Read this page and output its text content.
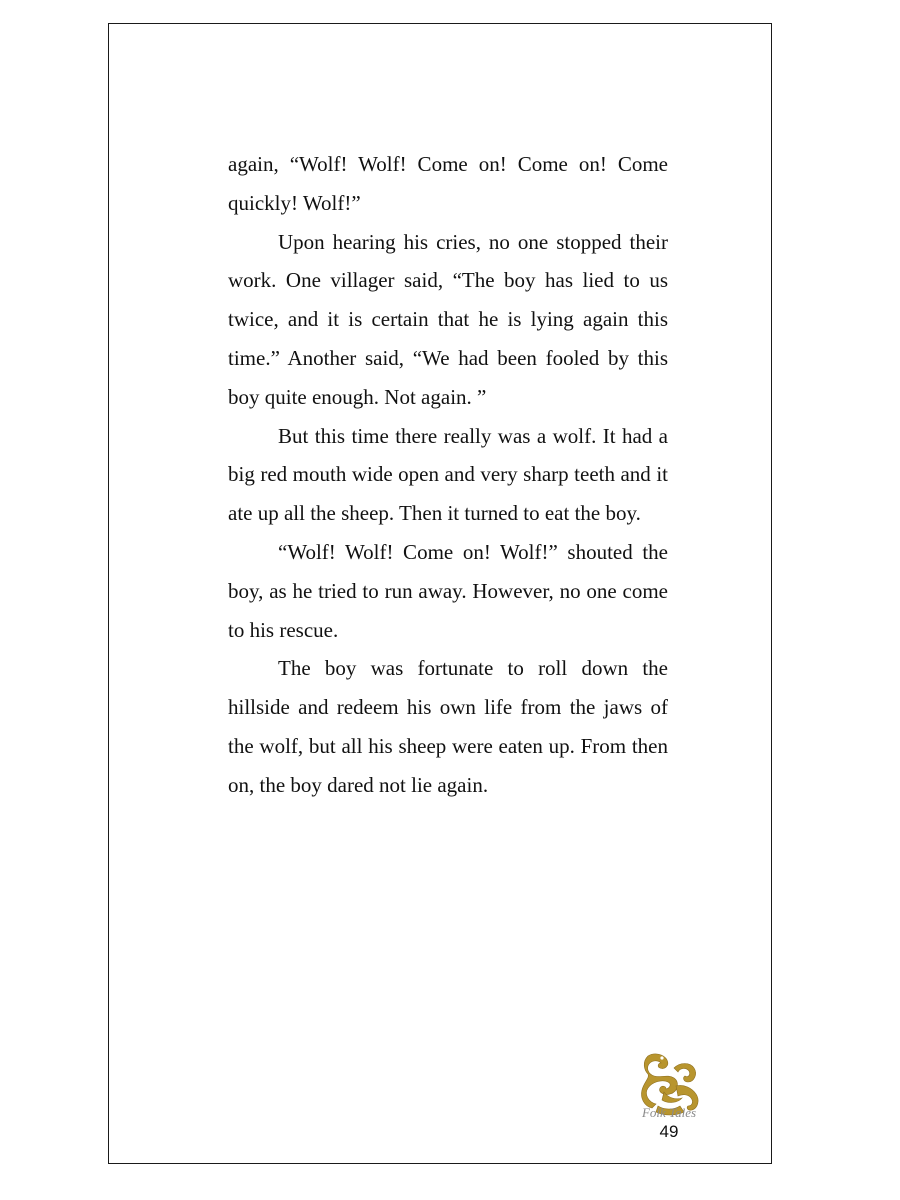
again, “Wolf! Wolf! Come on! Come on! Come quickly! Wolf!”

Upon hearing his cries, no one stopped their work. One villager said, “The boy has lied to us twice, and it is certain that he is lying again this time.” Another said, “We had been fooled by this boy quite enough. Not again. ”

But this time there really was a wolf. It had a big red mouth wide open and very sharp teeth and it ate up all the sheep. Then it turned to eat the boy.

“Wolf! Wolf! Come on! Wolf!” shouted the boy, as he tried to run away. However, no one come to his rescue.

The boy was fortunate to roll down the hillside and redeem his own life from the jaws of the wolf, but all his sheep were eaten up. From then on, the boy dared not lie again.

Folk Tales
49
